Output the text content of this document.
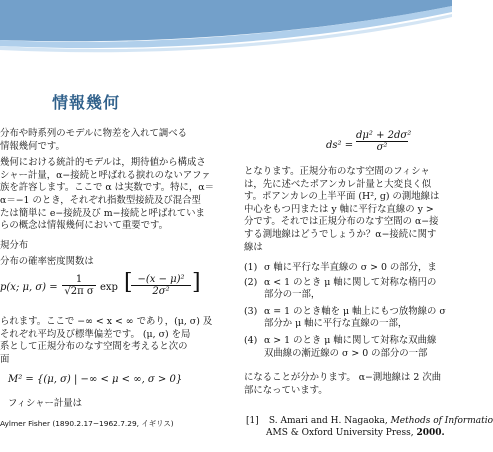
情報幾何
分布や時系列のモデルに物差を入れて調べる
情報幾何です。
幾何における統計的モデルは，期待値から構成さ
シャー計量，α−接続と呼ばれる捩れのないアファ
族を許容します。ここで α は実数です。特に，α＝
α＝−1 のとき，それぞれ指数型接続及び混合型
たは簡単に e−接続及び m−接続と呼ばれていま
らの概念は情報幾何において重要です。
規分布
分布の確率密度関数は
p(x; μ, $\sigma) = \frac{1}{\text{√2π σ}}$ exp [
$\frac{\text{−(x − μ)²}}{\text{2σ²}}$ ]
られます。ここで −∞ < x < ∞ であり，(μ, σ) 及
それぞれ平均及び標準偏差です。 (μ, σ) を局
系として正規分布のなす空間を考えると次の
面
M² = {(μ, σ) | −∞ < μ < ∞, σ > 0}
フィシャー計量は
Aylmer Fisher (1890.2.17−1962.7.29, イギリス)
$ds^2 = \frac{\text{dμ² + 2dσ²}}{\text{σ²}}$
となります。正規分布のなす空間のフィシャ
は，先に述べたポアンカレ計量と大変良く似
す。ポアンカレの上半平面 (H², g) の測地線は
中心をもつ円または y 軸に平行な直線の y >
分です。それでは正規分布のなす空間の α−接
する測地線はどうでしょうか？α−接続に関す
線は
(1) σ 軸に平行な半直線の σ > 0 の部分，ま
(2) α < 1 のとき μ 軸に関して対称な楕円の
部分の一部，
(3) α = 1 のとき軸を μ 軸上にもつ放物線の σ
部分か μ 軸に平行な直線の一部，
(4) α > 1 のとき μ 軸に関して対称な双曲線
双曲線の漸近線の σ > 0 の部分の一部
になることが分かります。 α−測地線は 2 次曲
部になっています。
[1] S. Amari and H. Nagaoka, Methods of Informatio
AMS & Oxford University Press, 2000.
